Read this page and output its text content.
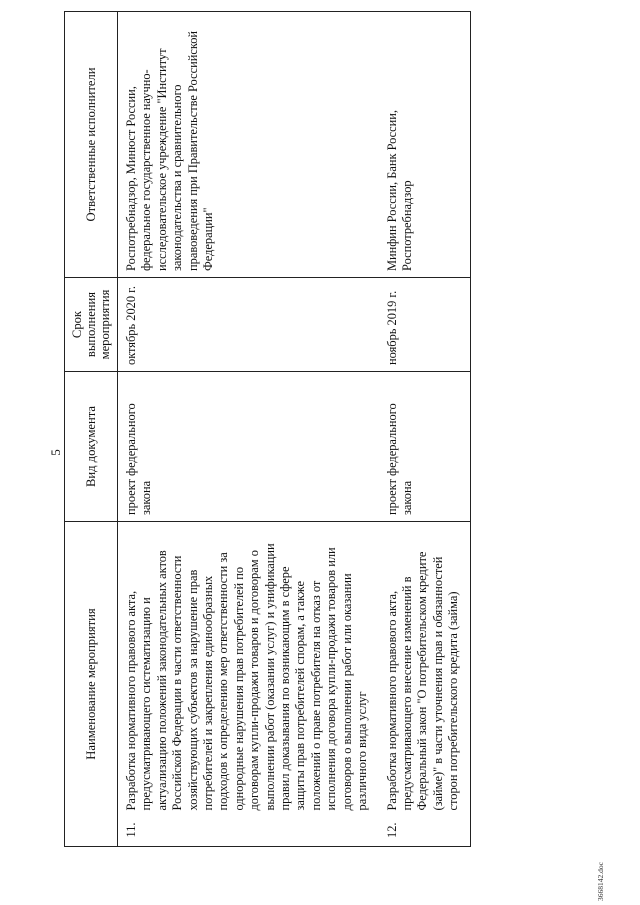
5
Наименование мероприятия		Вид документа	Срок выполнения мероприятия	Ответственные исполнители
11.	Разработка нормативного правового акта, предусматривающего систематизацию и актуализацию положений законодательных актов Российской Федерации в части ответственности хозяйствующих субъектов за нарушение прав потребителей и закрепления единообразных подходов к определению мер ответственности за однородные нарушения прав потребителей по договорам купли-продажи товаров и договорам о выполнении работ (оказании услуг) и унификации правил доказывания по возникающим в сфере защиты прав потребителей спорам, а также положений о праве потребителя на отказ от исполнения договора купли-продажи товаров или договоров о выполнении работ или оказании различного вида услуг	проект федерального закона	октябрь 2020 г.	Роспотребнадзор, Минюст России, федеральное государственное научно-исследовательское учреждение "Институт законодательства и сравнительного правоведения при Правительстве Российской Федерации"
12.	Разработка нормативного правового акта, предусматривающего внесение изменений в Федеральный закон "О потребительском кредите (займе)" в части уточнения прав и обязанностей сторон потребительского кредита (займа)	проект федерального закона	ноябрь 2019 г.	Минфин России, Банк России, Роспотребнадзор
3668142.doc
